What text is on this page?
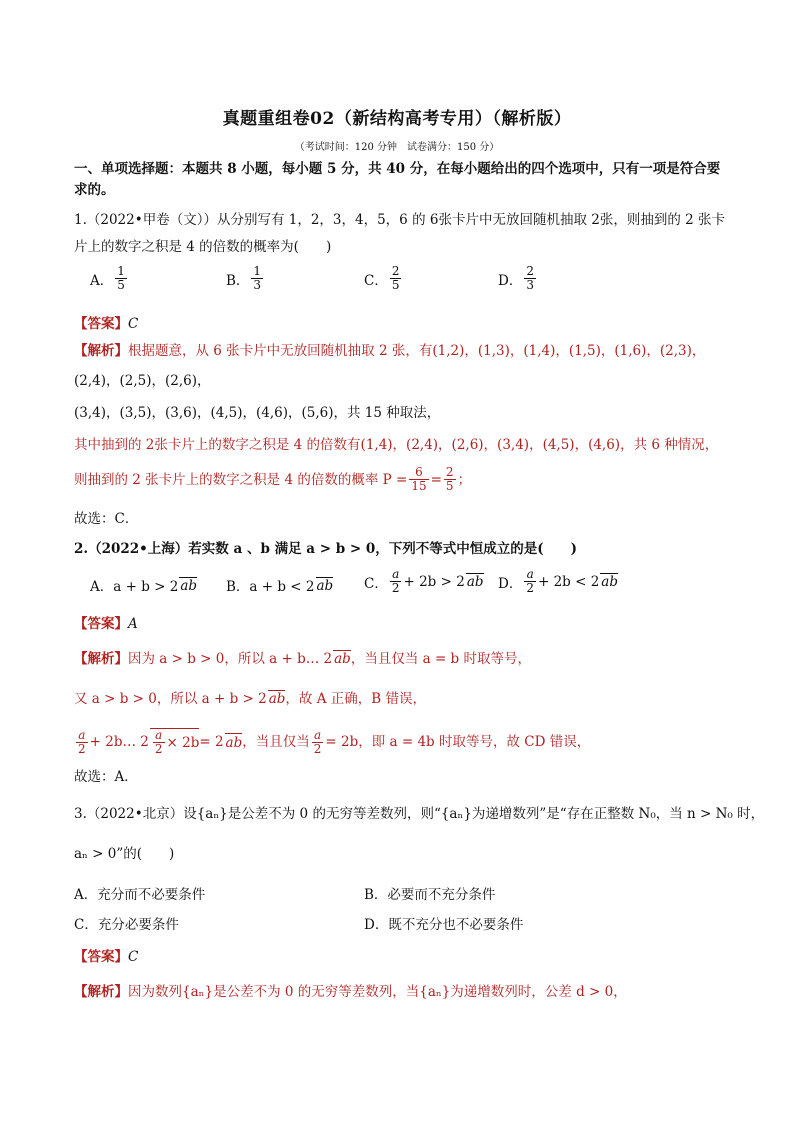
真题重组卷02（新结构高考专用）（解析版）
（考试时间：120 分钟　试卷满分：150 分）
一、单项选择题：本题共 8 小题，每小题 5 分，共 40 分，在每小题给出的四个选项中，只有一项是符合要
求的。
1.（2022•甲卷（文））从分别写有 1，2，3，4，5，6 的 6张卡片中无放回随机抽取 2张，则抽到的 2 张卡
片上的数字之积是 4 的倍数的概率为(　　)
A． $\frac{1}{5}$	B． $\frac{1}{3}$	C． $\frac{2}{5}$	D． $\frac{2}{3}$
【答案】C
【解析】根据题意，从 6 张卡片中无放回随机抽取 2 张，有(1,2)，(1,3)，(1,4)，(1,5)，(1,6)，(2,3)，
(2,4)，(2,5)，(2,6)，
(3,4)，(3,5)，(3,6)，(4,5)，(4,6)，(5,6)，共 15 种取法，
其中抽到的 2张卡片上的数字之积是 4 的倍数有(1,4)，(2,4)，(2,6)，(3,4)，(4,5)，(4,6)，共 6 种情况，
则抽到的 2 张卡片上的数字之积是 4 的倍数的概率 $P = \frac{6}{15} = \frac{2}{5}$ ；
故选：C．
2.（2022•上海）若实数 a 、b 满足 a > b > 0，下列不等式中恒成立的是(　　)
A．a + b > 2 ab B．a + b < 2 ab C． $\frac{a}{2} + 2b > 2$ ab D． $\frac{a}{2} + 2b < 2$ ab
【答案】A
【解析】因为 a > b > 0，所以 a + b… 2 ab，当且仅当 a = b 时取等号，
又 a > b > 0，所以 a + b > 2 ab，故 A 正确，B 错误，
$\frac{a}{2}$ + 2b… $2 \frac{a}{2} \times 2b = 2$ ab ，当且仅当 $\frac{a}{2} = 2b$，即 a = 4b 时取等号，故 CD 错误，
故选：A．
3.（2022•北京）设{aₙ}是公差不为 0 的无穷等差数列，则“{aₙ}为递增数列”是“存在正整数 N₀，当 n > N₀ 时，
aₙ > 0”的(　　)
A．充分而不必要条件	B．必要而不充分条件
C．充分必要条件	D．既不充分也不必要条件
【答案】C
【解析】因为数列{aₙ}是公差不为 0 的无穷等差数列，当{aₙ}为递增数列时，公差 d > 0，
